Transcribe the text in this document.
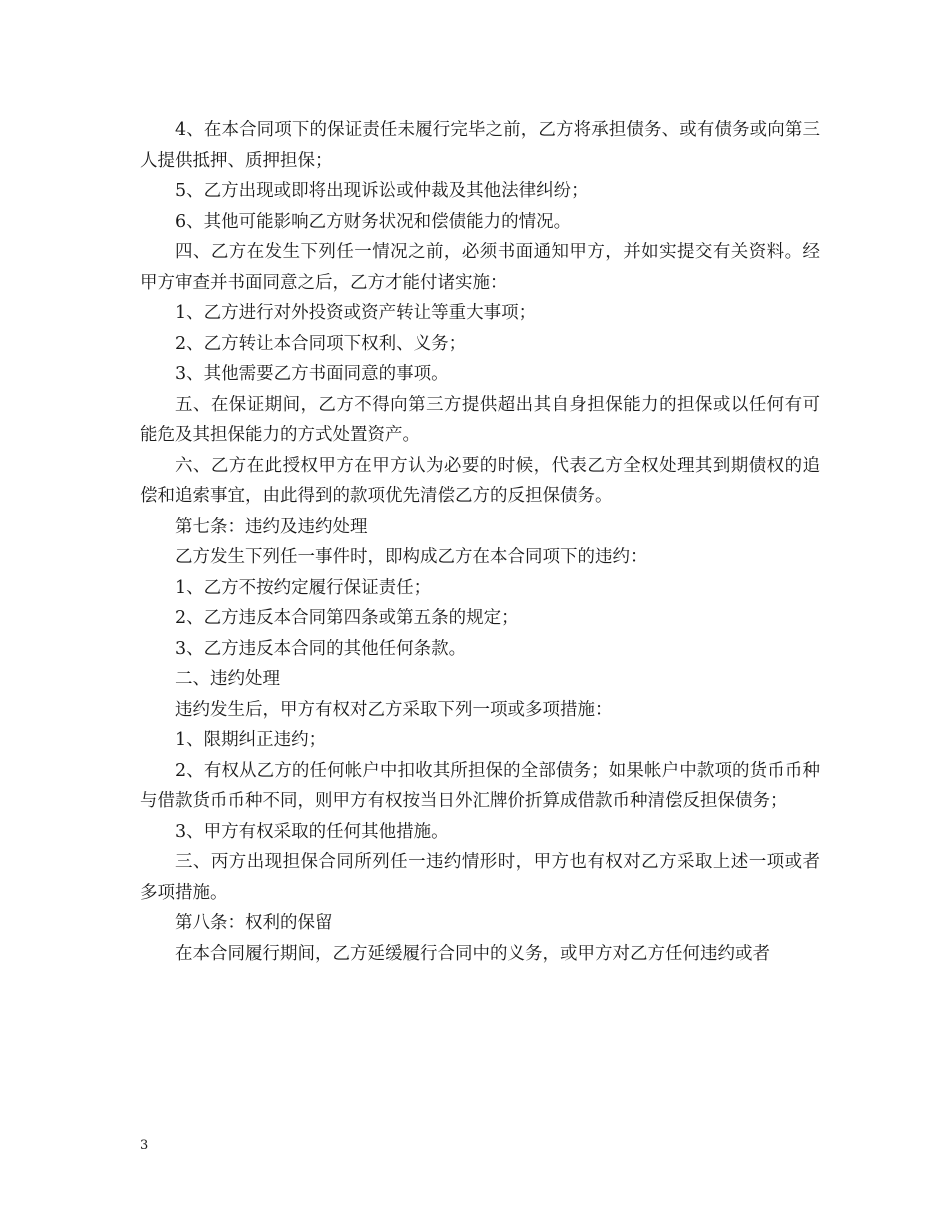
4、在本合同项下的保证责任未履行完毕之前，乙方将承担债务、或有债务或向第三人提供抵押、质押担保；

5、乙方出现或即将出现诉讼或仲裁及其他法律纠纷；

6、其他可能影响乙方财务状况和偿债能力的情况。

四、乙方在发生下列任一情况之前，必须书面通知甲方，并如实提交有关资料。经甲方审查并书面同意之后，乙方才能付诸实施：

1、乙方进行对外投资或资产转让等重大事项；

2、乙方转让本合同项下权利、义务；

3、其他需要乙方书面同意的事项。

五、在保证期间，乙方不得向第三方提供超出其自身担保能力的担保或以任何有可能危及其担保能力的方式处置资产。

六、乙方在此授权甲方在甲方认为必要的时候，代表乙方全权处理其到期债权的追偿和追索事宜，由此得到的款项优先清偿乙方的反担保债务。

第七条：违约及违约处理

乙方发生下列任一事件时，即构成乙方在本合同项下的违约：

1、乙方不按约定履行保证责任；

2、乙方违反本合同第四条或第五条的规定；

3、乙方违反本合同的其他任何条款。

二、违约处理

违约发生后，甲方有权对乙方采取下列一项或多项措施：

1、限期纠正违约；

2、有权从乙方的任何帐户中扣收其所担保的全部债务；如果帐户中款项的货币币种与借款货币币种不同，则甲方有权按当日外汇牌价折算成借款币种清偿反担保债务；

3、甲方有权采取的任何其他措施。

三、丙方出现担保合同所列任一违约情形时，甲方也有权对乙方采取上述一项或者多项措施。

第八条：权利的保留

在本合同履行期间，乙方延缓履行合同中的义务，或甲方对乙方任何违约或者

3
